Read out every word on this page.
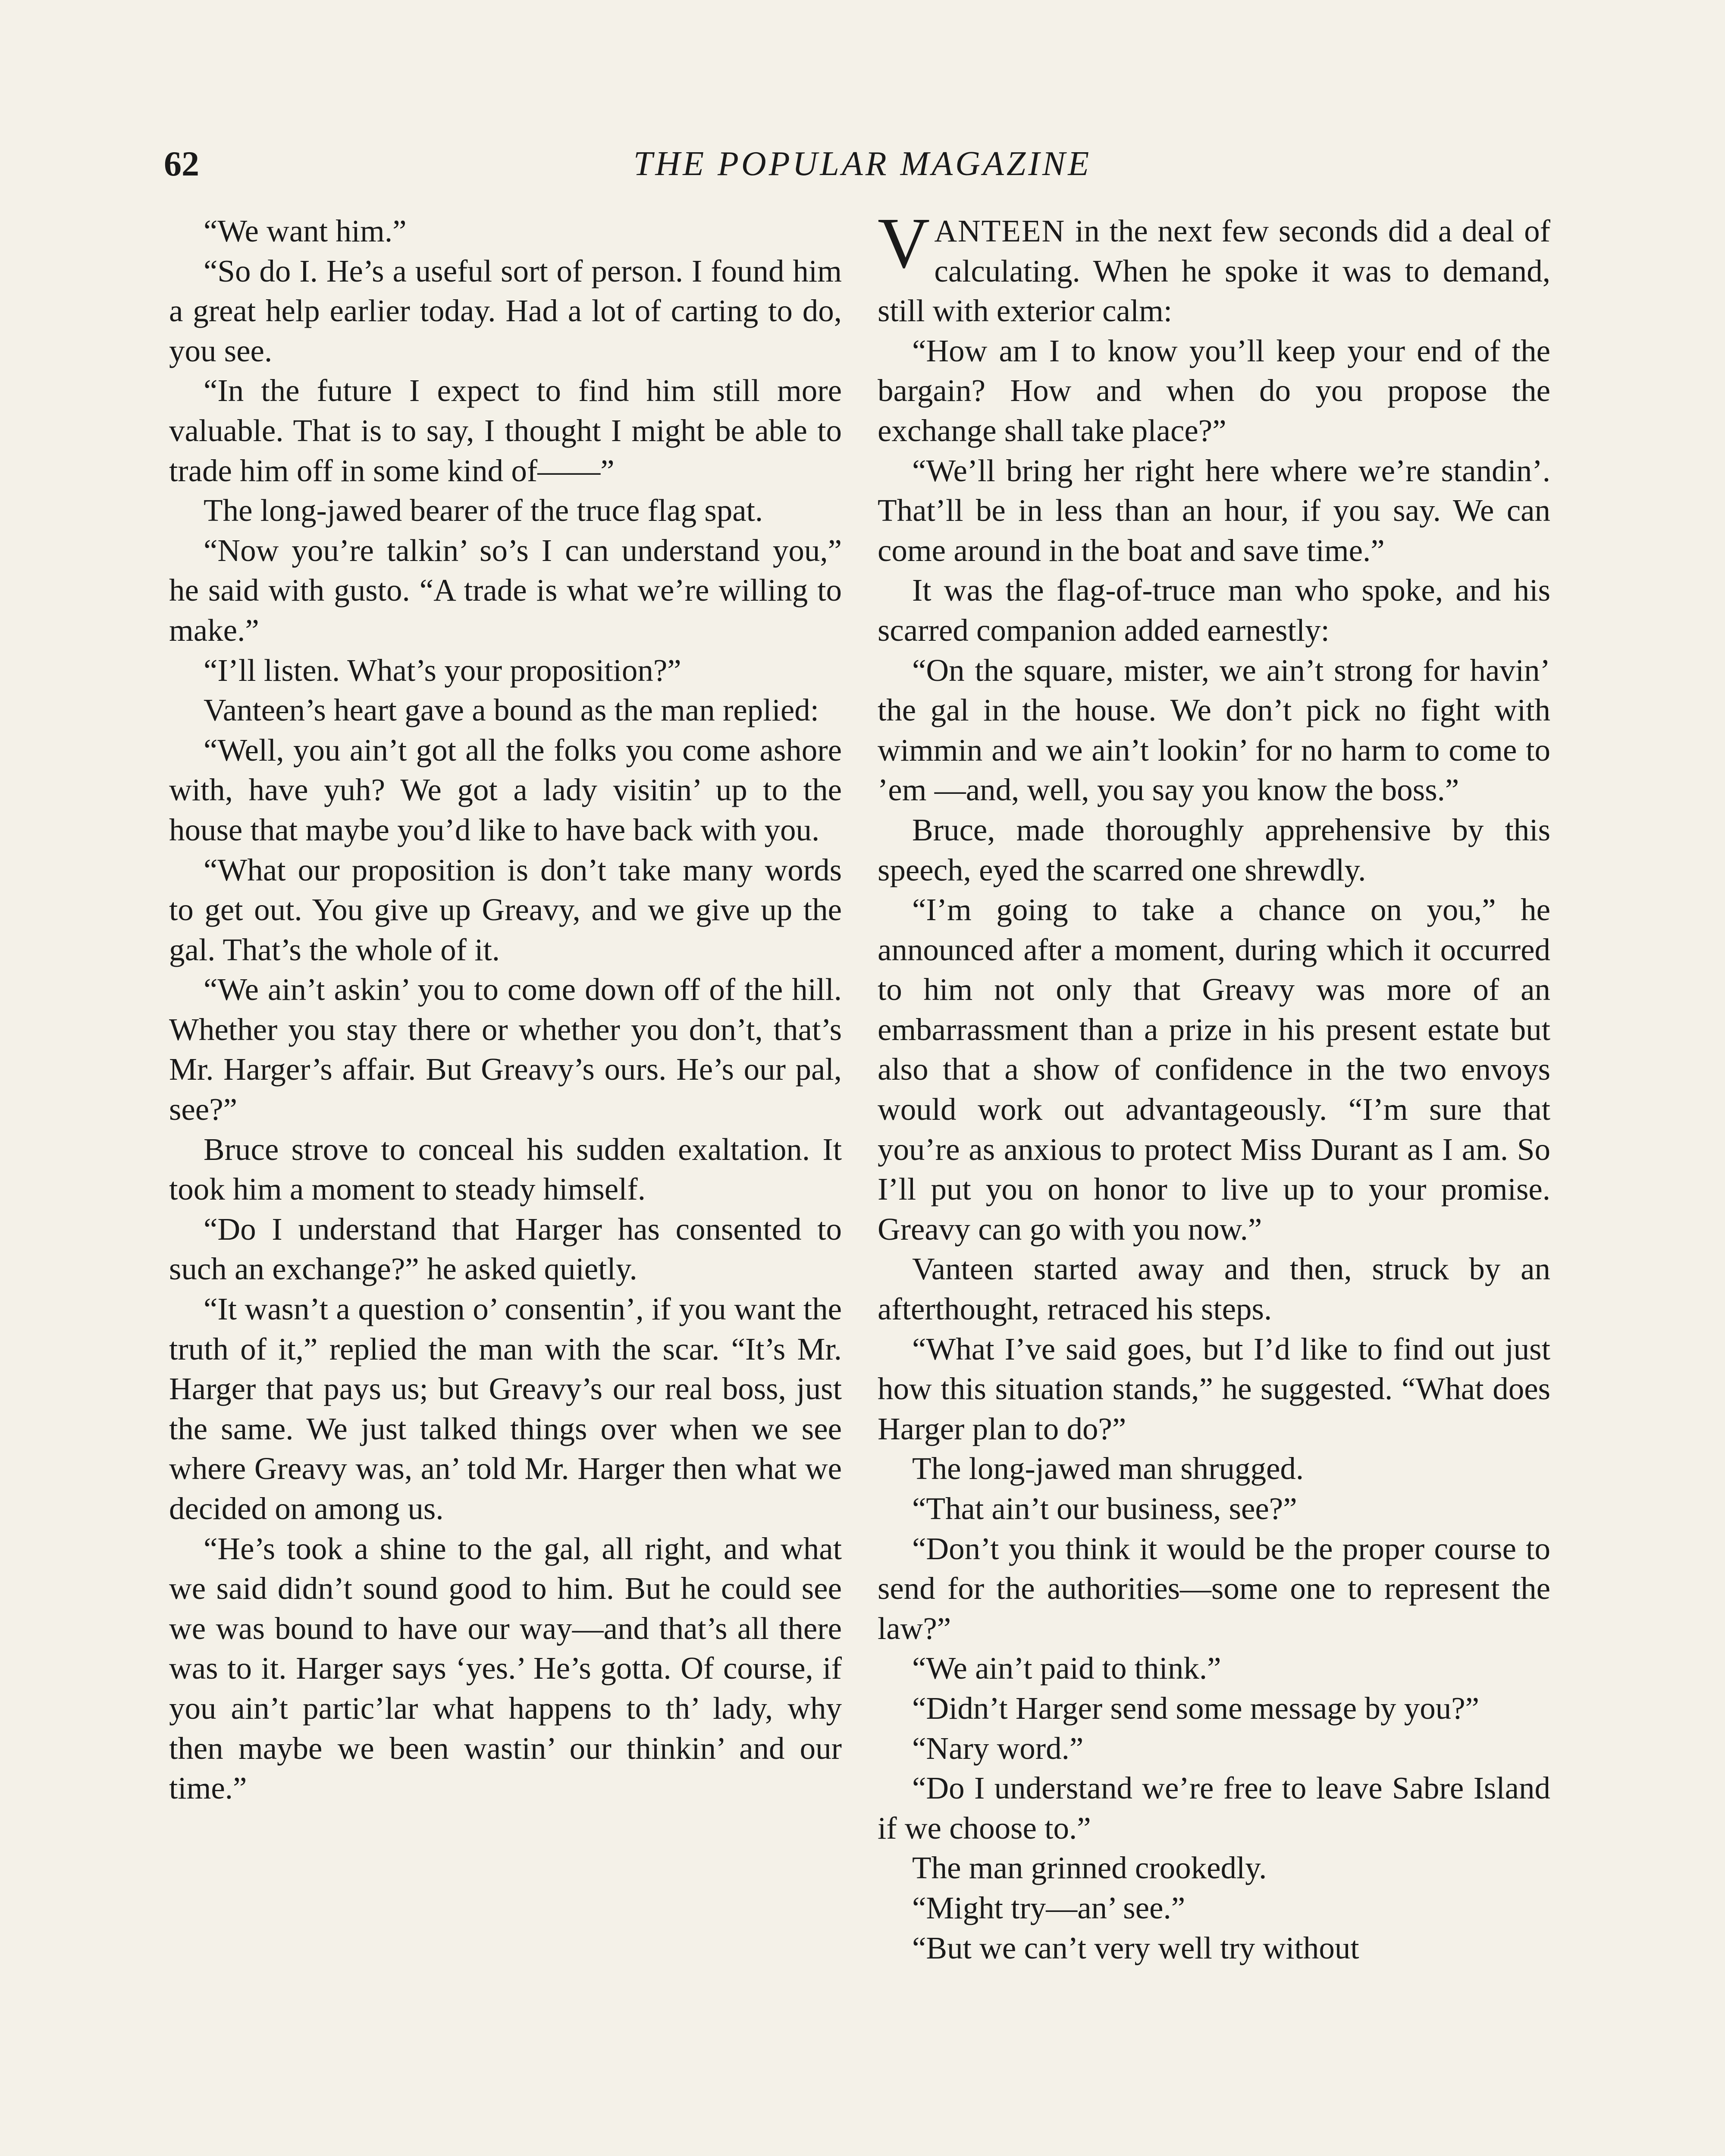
62	THE POPULAR MAGAZINE

“We want him.”

“So do I. He’s a useful sort of person. I found him a great help earlier today. Had a lot of carting to do, you see.

“In the future I expect to find him still more valuable. That is to say, I thought I might be able to trade him off in some kind of——”

The long-jawed bearer of the truce flag spat.

“Now you’re talkin’ so’s I can understand you,” he said with gusto. “A trade is what we’re willing to make.”

“I’ll listen. What’s your proposition?”

Vanteen’s heart gave a bound as the man replied:

“Well, you ain’t got all the folks you come ashore with, have yuh? We got a lady visitin’ up to the house that maybe you’d like to have back with you.

“What our proposition is don’t take many words to get out. You give up Greavy, and we give up the gal. That’s the whole of it.

“We ain’t askin’ you to come down off of the hill. Whether you stay there or whether you don’t, that’s Mr. Harger’s affair. But Greavy’s ours. He’s our pal, see?”

Bruce strove to conceal his sudden exaltation. It took him a moment to steady himself.

“Do I understand that Harger has consented to such an exchange?” he asked quietly.

“It wasn’t a question o’ consentin’, if you want the truth of it,” replied the man with the scar. “It’s Mr. Harger that pays us; but Greavy’s our real boss, just the same. We just talked things over when we see where Greavy was, an’ told Mr. Harger then what we decided on among us.

“He’s took a shine to the gal, all right, and what we said didn’t sound good to him. But he could see we was bound to have our way—and that’s all there was to it. Harger says ‘yes.’ He’s gotta. Of course, if you ain’t partic’lar what happens to th’ lady, why then maybe we been wastin’ our thinkin’ and our time.”

VANTEEN in the next few seconds did a deal of calculating. When he spoke it was to demand, still with exterior calm:

“How am I to know you’ll keep your end of the bargain? How and when do you propose the exchange shall take place?”

“We’ll bring her right here where we’re standin’. That’ll be in less than an hour, if you say. We can come around in the boat and save time.”

It was the flag-of-truce man who spoke, and his scarred companion added earnestly:

“On the square, mister, we ain’t strong for havin’ the gal in the house. We don’t pick no fight with wimmin and we ain’t lookin’ for no harm to come to ’em —and, well, you say you know the boss.”

Bruce, made thoroughly apprehensive by this speech, eyed the scarred one shrewdly.

“I’m going to take a chance on you,” he announced after a moment, during which it occurred to him not only that Greavy was more of an embarrassment than a prize in his present estate but also that a show of confidence in the two envoys would work out advantageously. “I’m sure that you’re as anxious to protect Miss Durant as I am. So I’ll put you on honor to live up to your promise. Greavy can go with you now.”

Vanteen started away and then, struck by an afterthought, retraced his steps.

“What I’ve said goes, but I’d like to find out just how this situation stands,” he suggested. “What does Harger plan to do?”

The long-jawed man shrugged.

“That ain’t our business, see?”

“Don’t you think it would be the proper course to send for the authorities—some one to represent the law?”

“We ain’t paid to think.”

“Didn’t Harger send some message by you?”

“Nary word.”

“Do I understand we’re free to leave Sabre Island if we choose to.”

The man grinned crookedly.

“Might try—an’ see.”

“But we can’t very well try without
